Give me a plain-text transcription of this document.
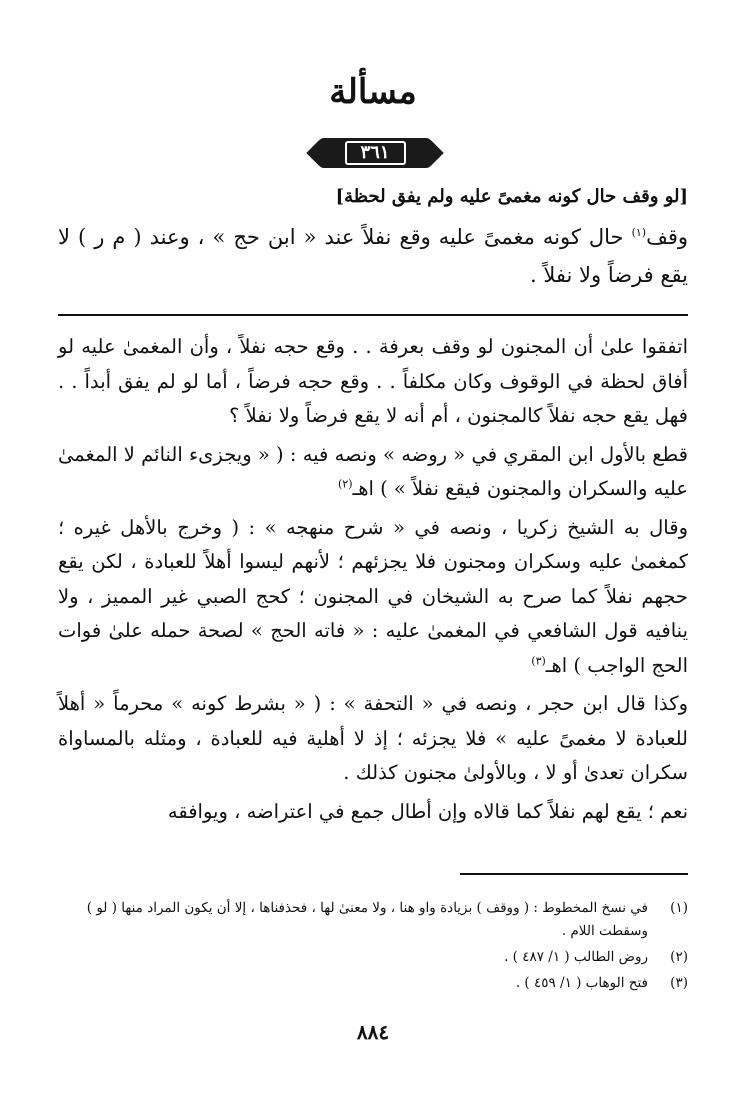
مسألة
٣٦١
[لو وقف حال كونه مغمىً عليه ولم يفق لحظة]
وقف$^{(١)}$ حال كونه مغمىً عليه وقع نفلاً عند « ابن حج » ، وعند ( م ر ) لا يقع فرضاً ولا نفلاً .

اتفقوا علىٰ أن المجنون لو وقف بعرفة . . وقع حجه نفلاً ، وأن المغمىٰ عليه لو أفاق لحظة في الوقوف وكان مكلفاً . . وقع حجه فرضاً ، أما لو لم يفق أبداً . . فهل يقع حجه نفلاً كالمجنون ، أم أنه لا يقع فرضاً ولا نفلاً ؟

قطع بالأول ابن المقري في « روضه » ونصه فيه : ( « ويجزىء النائم لا المغمىٰ عليه والسكران والمجنون فيقع نفلاً » ) اهـ$^{(٢)}$

وقال به الشيخ زكريا ، ونصه في « شرح منهجه » : ( وخرج بالأهل غيره ؛ كمغمىٰ عليه وسكران ومجنون فلا يجزئهم ؛ لأنهم ليسوا أهلاً للعبادة ، لكن يقع حجهم نفلاً كما صرح به الشيخان في المجنون ؛ كحج الصبي غير المميز ، ولا ينافيه قول الشافعي في المغمىٰ عليه : « فاته الحج » لصحة حمله علىٰ فوات الحج الواجب ) اهـ$^{(٣)}$

وكذا قال ابن حجر ، ونصه في « التحفة » : ( « بشرط كونه » محرماً « أهلاً للعبادة لا مغمىً عليه » فلا يجزئه ؛ إذ لا أهلية فيه للعبادة ، ومثله بالمساواة سكران تعدىٰ أو لا ، وبالأولىٰ مجنون كذلك .

نعم ؛ يقع لهم نفلاً كما قالاه وإن أطال جمع في اعتراضه ، ويوافقه

(١)
في نسخ المخطوط : ( ووقف ) بزيادة واو هنا ، ولا معنىٰ لها ، فحذفناها ، إلا أن يكون المراد منها ( لو ) وسقطت اللام .
(٢)
روض الطالب ( ١/ ٤٨٧ ) .
(٣)
فتح الوهاب ( ١/ ٤٥٩ ) .
٨٨٤
